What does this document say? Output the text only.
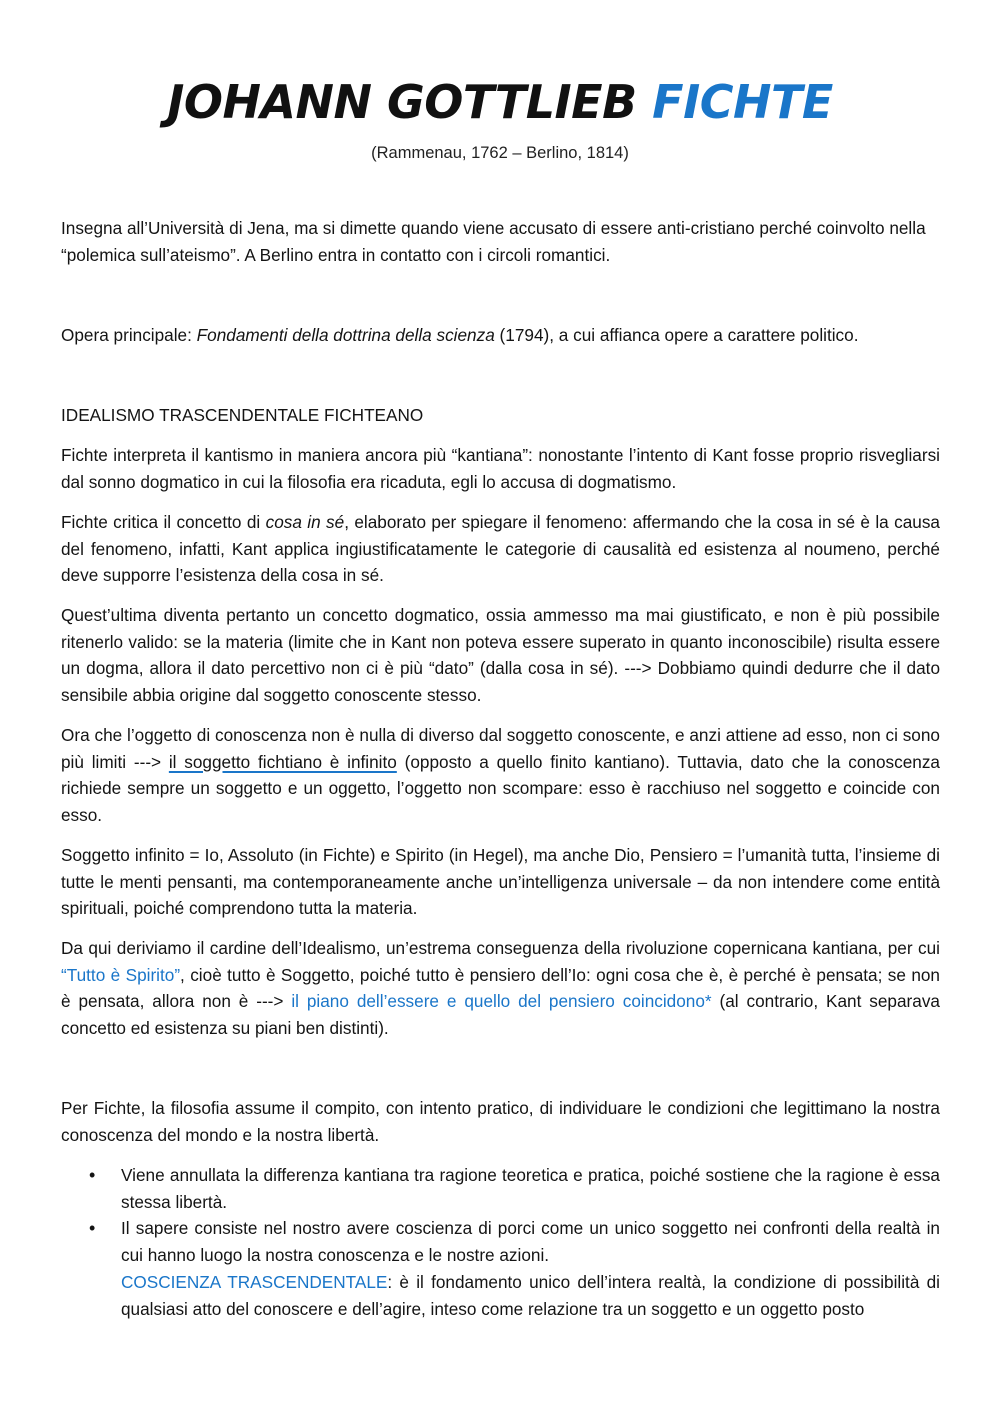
JOHANN GOTTLIEB FICHTE
(Rammenau, 1762 – Berlino, 1814)
Insegna all’Università di Jena, ma si dimette quando viene accusato di essere anti-cristiano perché coinvolto nella “polemica sull’ateismo”. A Berlino entra in contatto con i circoli romantici.
Opera principale: Fondamenti della dottrina della scienza (1794), a cui affianca opere a carattere politico.
IDEALISMO TRASCENDENTALE FICHTEANO
Fichte interpreta il kantismo in maniera ancora più “kantiana”: nonostante l’intento di Kant fosse proprio risvegliarsi dal sonno dogmatico in cui la filosofia era ricaduta, egli lo accusa di dogmatismo.
Fichte critica il concetto di cosa in sé, elaborato per spiegare il fenomeno: affermando che la cosa in sé è la causa del fenomeno, infatti, Kant applica ingiustificatamente le categorie di causalità ed esistenza al noumeno, perché deve supporre l’esistenza della cosa in sé.
Quest’ultima diventa pertanto un concetto dogmatico, ossia ammesso ma mai giustificato, e non è più possibile ritenerlo valido: se la materia (limite che in Kant non poteva essere superato in quanto inconoscibile) risulta essere un dogma, allora il dato percettivo non ci è più “dato” (dalla cosa in sé). ---> Dobbiamo quindi dedurre che il dato sensibile abbia origine dal soggetto conoscente stesso.
Ora che l’oggetto di conoscenza non è nulla di diverso dal soggetto conoscente, e anzi attiene ad esso, non ci sono più limiti ---> il soggetto fichtiano è infinito (opposto a quello finito kantiano). Tuttavia, dato che la conoscenza richiede sempre un soggetto e un oggetto, l’oggetto non scompare: esso è racchiuso nel soggetto e coincide con esso.
Soggetto infinito = Io, Assoluto (in Fichte) e Spirito (in Hegel), ma anche Dio, Pensiero = l’umanità tutta, l’insieme di tutte le menti pensanti, ma contemporaneamente anche un’intelligenza universale – da non intendere come entità spirituali, poiché comprendono tutta la materia.
Da qui deriviamo il cardine dell’Idealismo, un’estrema conseguenza della rivoluzione copernicana kantiana, per cui “Tutto è Spirito”, cioè tutto è Soggetto, poiché tutto è pensiero dell’Io: ogni cosa che è, è perché è pensata; se non è pensata, allora non è ---> il piano dell’essere e quello del pensiero coincidono* (al contrario, Kant separava concetto ed esistenza su piani ben distinti).
Per Fichte, la filosofia assume il compito, con intento pratico, di individuare le condizioni che legittimano la nostra conoscenza del mondo e la nostra libertà.
• Viene annullata la differenza kantiana tra ragione teoretica e pratica, poiché sostiene che la ragione è essa stessa libertà.
• Il sapere consiste nel nostro avere coscienza di porci come un unico soggetto nei confronti della realtà in cui hanno luogo la nostra conoscenza e le nostre azioni.
COSCIENZA TRASCENDENTALE: è il fondamento unico dell’intera realtà, la condizione di possibilità di qualsiasi atto del conoscere e dell’agire, inteso come relazione tra un soggetto e un oggetto posto
